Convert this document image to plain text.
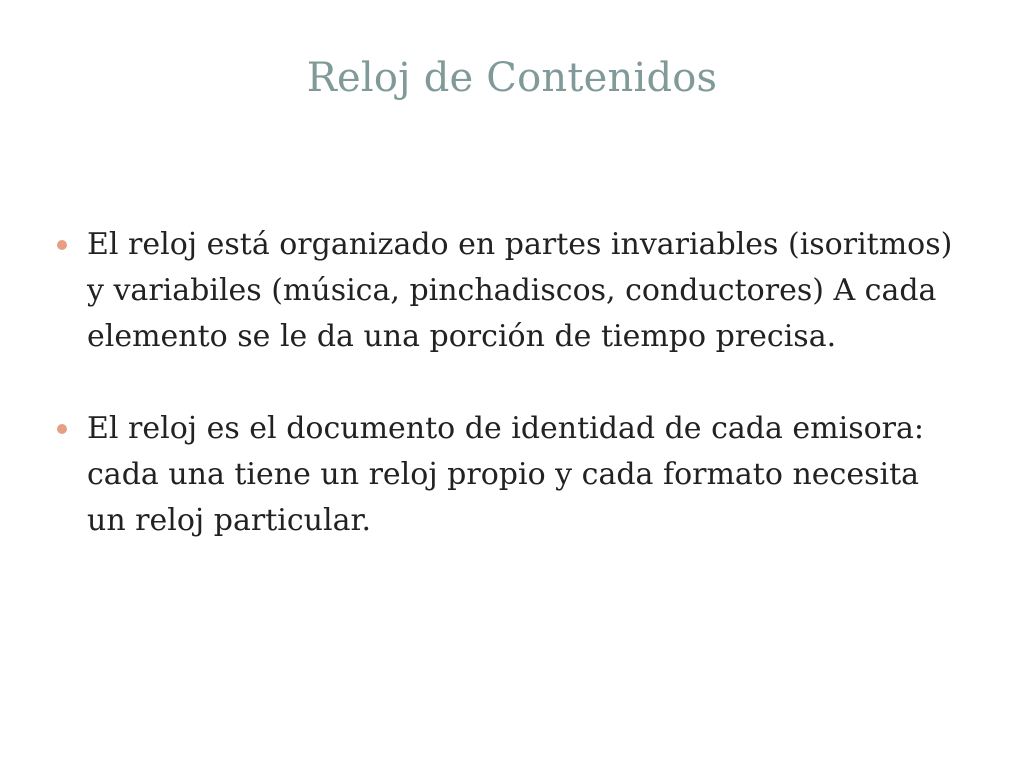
Reloj de Contenidos
El reloj está organizado en partes invariables (isoritmos) y variabiles (música, pinchadiscos, conductores) A cada elemento se le da una porción de tiempo precisa.
El reloj es el documento de identidad de cada emisora: cada una tiene un reloj propio y cada formato necesita un reloj particular.
